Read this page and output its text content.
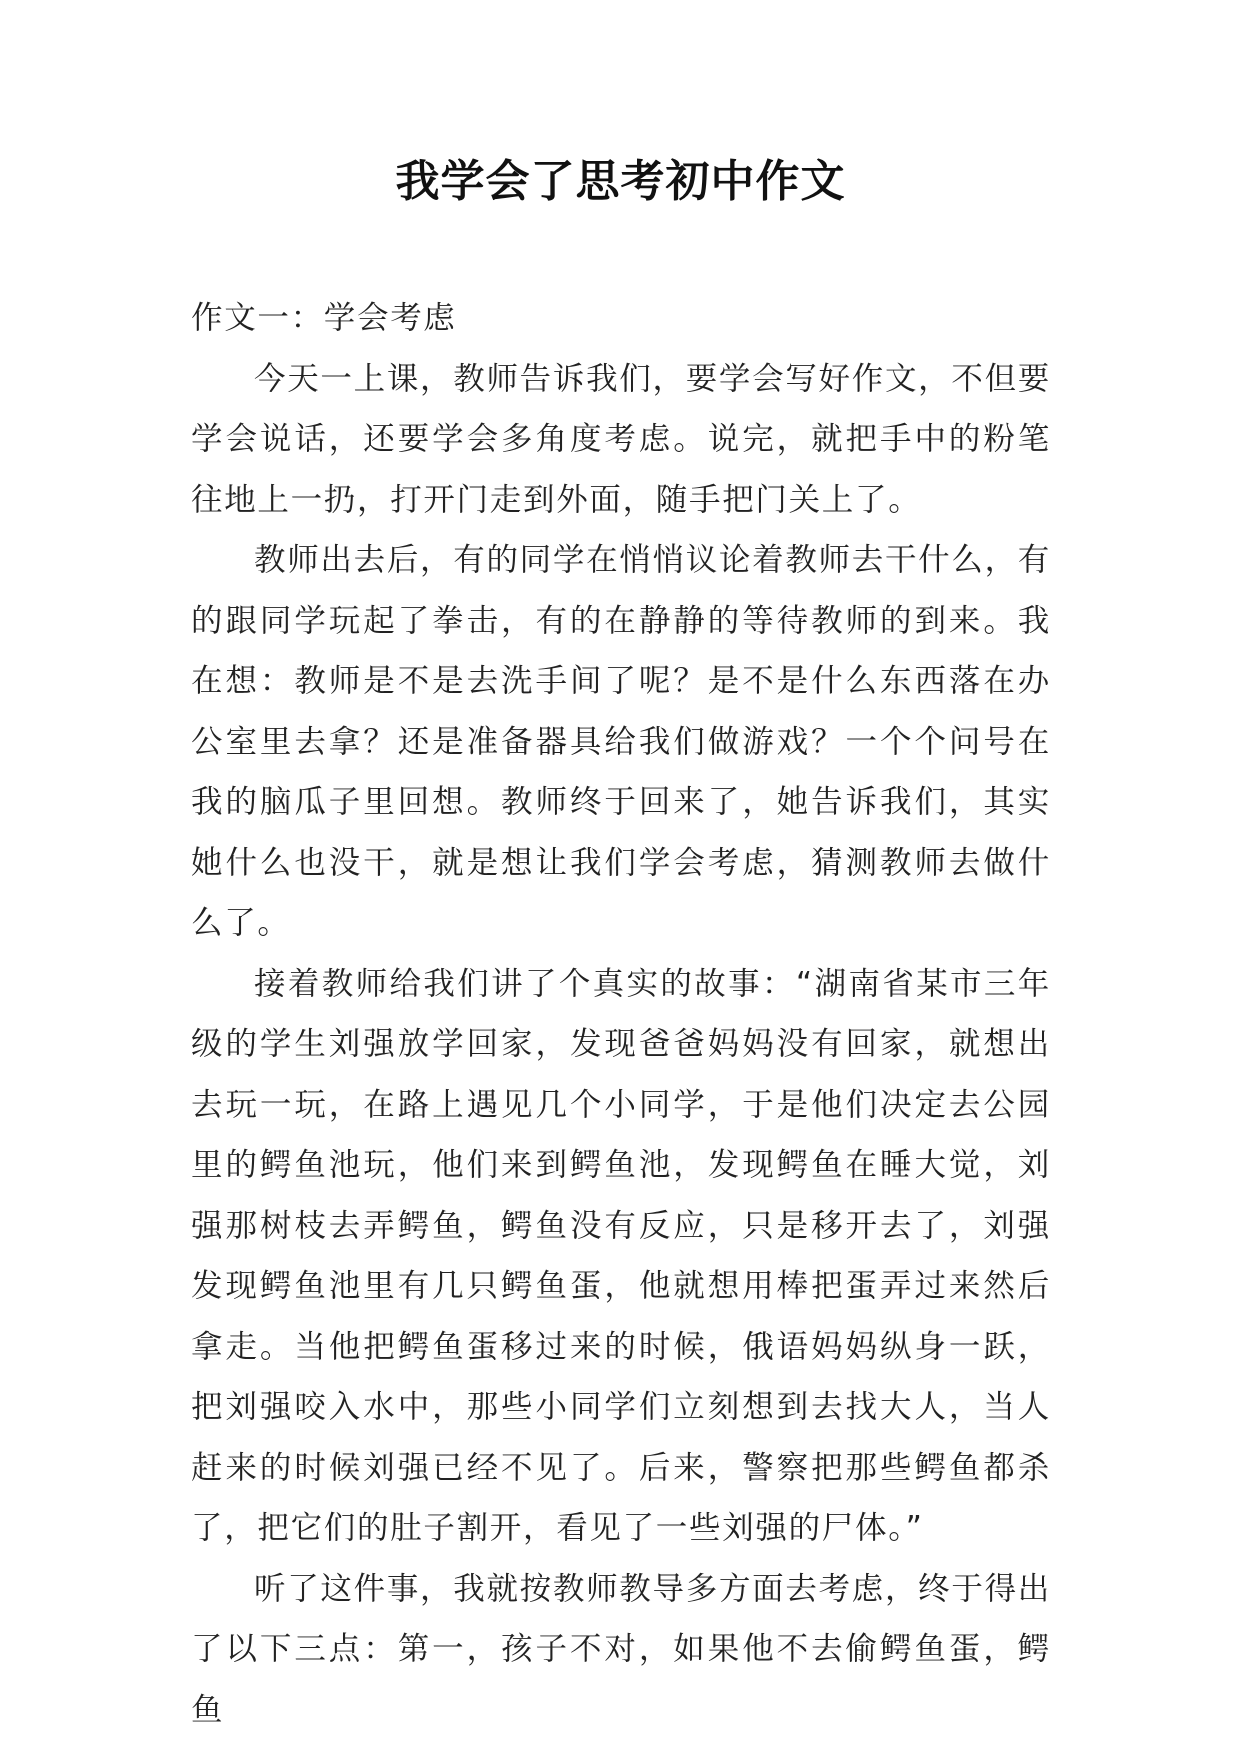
我学会了思考初中作文

作文一：学会考虑

今天一上课，教师告诉我们，要学会写好作文，不但要学会说话，还要学会多角度考虑。说完，就把手中的粉笔往地上一扔，打开门走到外面，随手把门关上了。

教师出去后，有的同学在悄悄议论着教师去干什么，有的跟同学玩起了拳击，有的在静静的等待教师的到来。我在想：教师是不是去洗手间了呢？是不是什么东西落在办公室里去拿？还是准备器具给我们做游戏？一个个问号在我的脑瓜子里回想。教师终于回来了，她告诉我们，其实她什么也没干，就是想让我们学会考虑，猜测教师去做什么了。

接着教师给我们讲了个真实的故事：“湖南省某市三年级的学生刘强放学回家，发现爸爸妈妈没有回家，就想出去玩一玩，在路上遇见几个小同学，于是他们决定去公园里的鳄鱼池玩，他们来到鳄鱼池，发现鳄鱼在睡大觉，刘强那树枝去弄鳄鱼，鳄鱼没有反应，只是移开去了，刘强发现鳄鱼池里有几只鳄鱼蛋，他就想用棒把蛋弄过来然后拿走。当他把鳄鱼蛋移过来的时候，俄语妈妈纵身一跃，把刘强咬入水中，那些小同学们立刻想到去找大人，当人赶来的时候刘强已经不见了。后来，警察把那些鳄鱼都杀了，把它们的肚子割开，看见了一些刘强的尸体。”

听了这件事，我就按教师教导多方面去考虑，终于得出了以下三点：第一，孩子不对，如果他不去偷鳄鱼蛋，鳄鱼
